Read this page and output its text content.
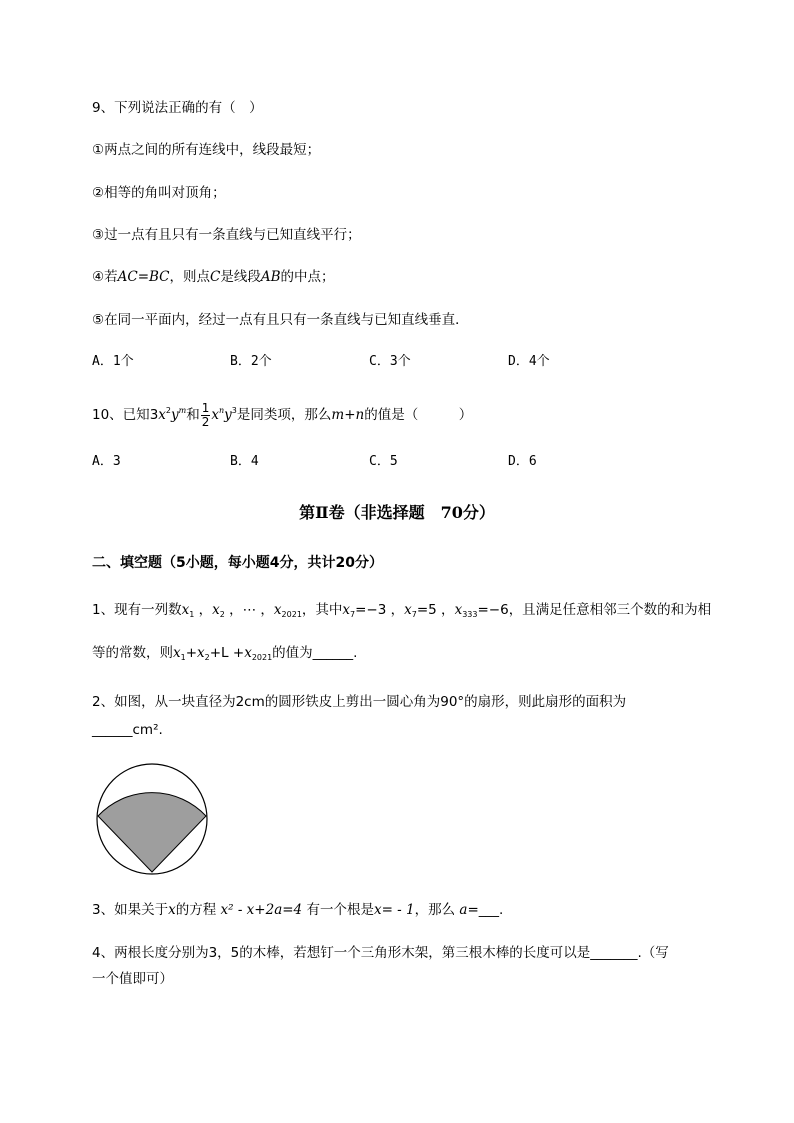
9、下列说法正确的有（　）
①两点之间的所有连线中，线段最短；
②相等的角叫对顶角；
③过一点有且只有一条直线与已知直线平行；
④若AC=BC，则点C是线段AB的中点；
⑤在同一平面内，经过一点有且只有一条直线与已知直线垂直．
A．1个	B．2个	C．3个	D．4个
10、已知$3x^2y^m$和 $\frac{1}{2} x^ny^3$是同类项，那么m+n的值是（　　　）
A．3	B．4	C．5	D．6
第Ⅱ卷（非选择题　70分）
二、填空题（5小题，每小题4分，共计20分）
1、现有一列数$x_1$ ，$x_2$ ，⋯ ，$x_{2021}$，其中$x_7=-3$ ，$x_7=5$ ，$x_{333}=-6$，且满足任意相邻三个数的和为相
等的常数，则$x_1+x_2+L +x_{2021}$的值为______.
2、如图，从一块直径为2cm的圆形铁皮上剪出一圆心角为90°的扇形，则此扇形的面积为
______cm².
3、如果关于x的方程 x² - x+2a=4 有一个根是x= - 1，那么 a=___.
4、两根长度分别为3，5的木棒，若想钉一个三角形木架，第三根木棒的长度可以是_______.（写
一个值即可）
